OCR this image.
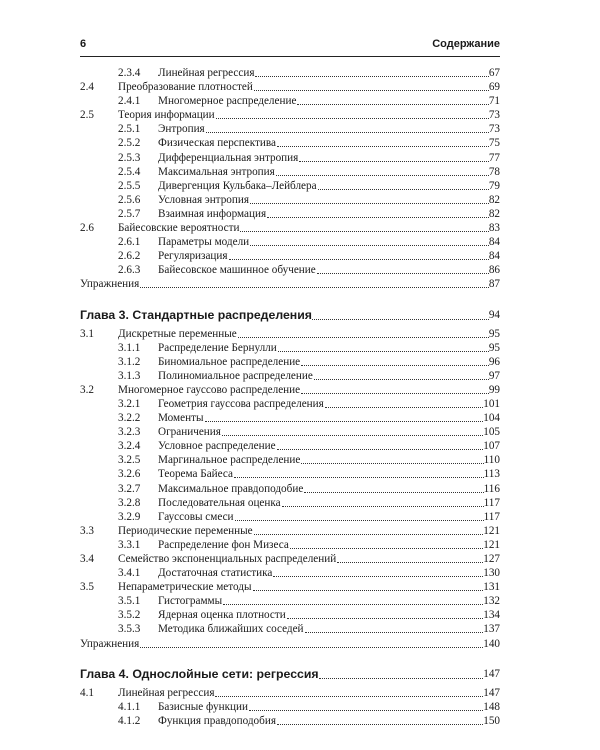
6	Содержание
2.3.4 Линейная регрессия	67
2.4 Преобразование плотностей	69
2.4.1 Многомерное распределение	71
2.5 Теория информации	73
2.5.1 Энтропия	73
2.5.2 Физическая перспектива	75
2.5.3 Дифференциальная энтропия	77
2.5.4 Максимальная энтропия	78
2.5.5 Дивергенция Кульбака–Лейблера	79
2.5.6 Условная энтропия	82
2.5.7 Взаимная информация	82
2.6 Байесовские вероятности	83
2.6.1 Параметры модели	84
2.6.2 Регуляризация	84
2.6.3 Байесовское машинное обучение	86
Упражнения	87
Глава 3. Стандартные распределения	94
3.1 Дискретные переменные	95
3.1.1 Распределение Бернулли	95
3.1.2 Биномиальное распределение	96
3.1.3 Полиномиальное распределение	97
3.2 Многомерное гауссово распределение	99
3.2.1 Геометрия гауссова распределения	101
3.2.2 Моменты	104
3.2.3 Ограничения	105
3.2.4 Условное распределение	107
3.2.5 Маргинальное распределение	110
3.2.6 Теорема Байеса	113
3.2.7 Максимальное правдоподобие	116
3.2.8 Последовательная оценка	117
3.2.9 Гауссовы смеси	117
3.3 Периодические переменные	121
3.3.1 Распределение фон Мизеса	121
3.4 Семейство экспоненциальных распределений	127
3.4.1 Достаточная статистика	130
3.5 Непараметрические методы	131
3.5.1 Гистограммы	132
3.5.2 Ядерная оценка плотности	134
3.5.3 Методика ближайших соседей	137
Упражнения	140
Глава 4. Однослойные сети: регрессия	147
4.1 Линейная регрессия	147
4.1.1 Базисные функции	148
4.1.2 Функция правдоподобия	150
